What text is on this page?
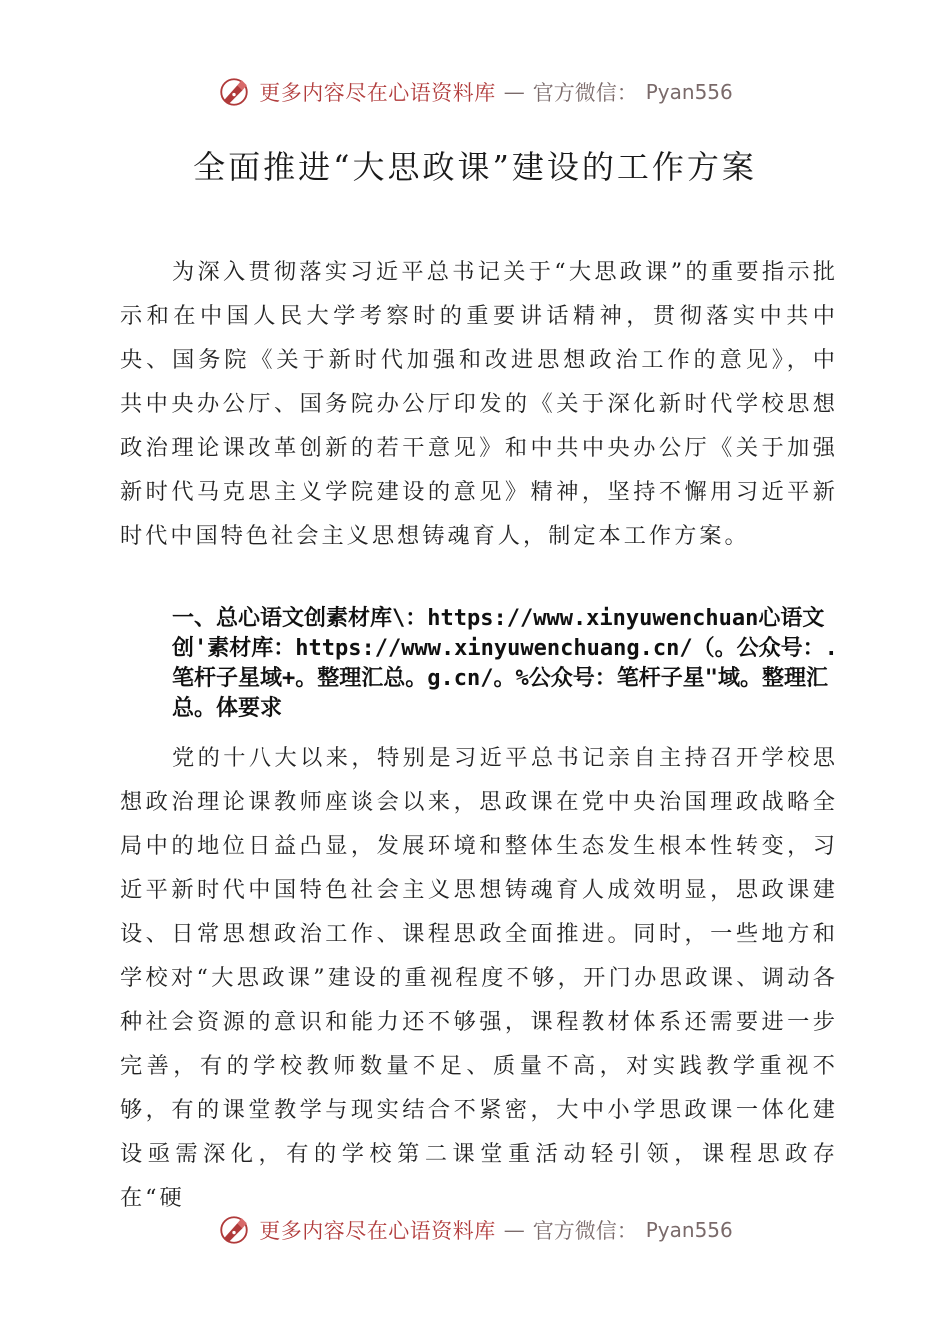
更多内容尽在心语资料库 — 官方微信： Pyan556
全面推进“大思政课”建设的工作方案

为深入贯彻落实习近平总书记关于“大思政课”的重要指示批示和在中国人民大学考察时的重要讲话精神，贯彻落实中共中央、国务院《关于新时代加强和改进思想政治工作的意见》，中共中央办公厅、国务院办公厅印发的《关于深化新时代学校思想政治理论课改革创新的若干意见》和中共中央办公厅《关于加强新时代马克思主义学院建设的意见》精神，坚持不懈用习近平新时代中国特色社会主义思想铸魂育人，制定本工作方案。

一、总心语文创素材库\：https://www.xinyuwenchuan心语文创'素材库：https://www.xinyuwenchuang.cn/（。公众号：.笔杆子星域+。整理汇总。g.cn/。%公众号：笔杆子星"域。整理汇总。体要求

党的十八大以来，特别是习近平总书记亲自主持召开学校思想政治理论课教师座谈会以来，思政课在党中央治国理政战略全局中的地位日益凸显，发展环境和整体生态发生根本性转变，习近平新时代中国特色社会主义思想铸魂育人成效明显，思政课建设、日常思想政治工作、课程思政全面推进。同时，一些地方和学校对“大思政课”建设的重视程度不够，开门办思政课、调动各种社会资源的意识和能力还不够强，课程教材体系还需要进一步完善，有的学校教师数量不足、质量不高，对实践教学重视不够，有的课堂教学与现实结合不紧密，大中小学思政课一体化建设亟需深化，有的学校第二课堂重活动轻引领，课程思政存在“硬

更多内容尽在心语资料库 — 官方微信： Pyan556
